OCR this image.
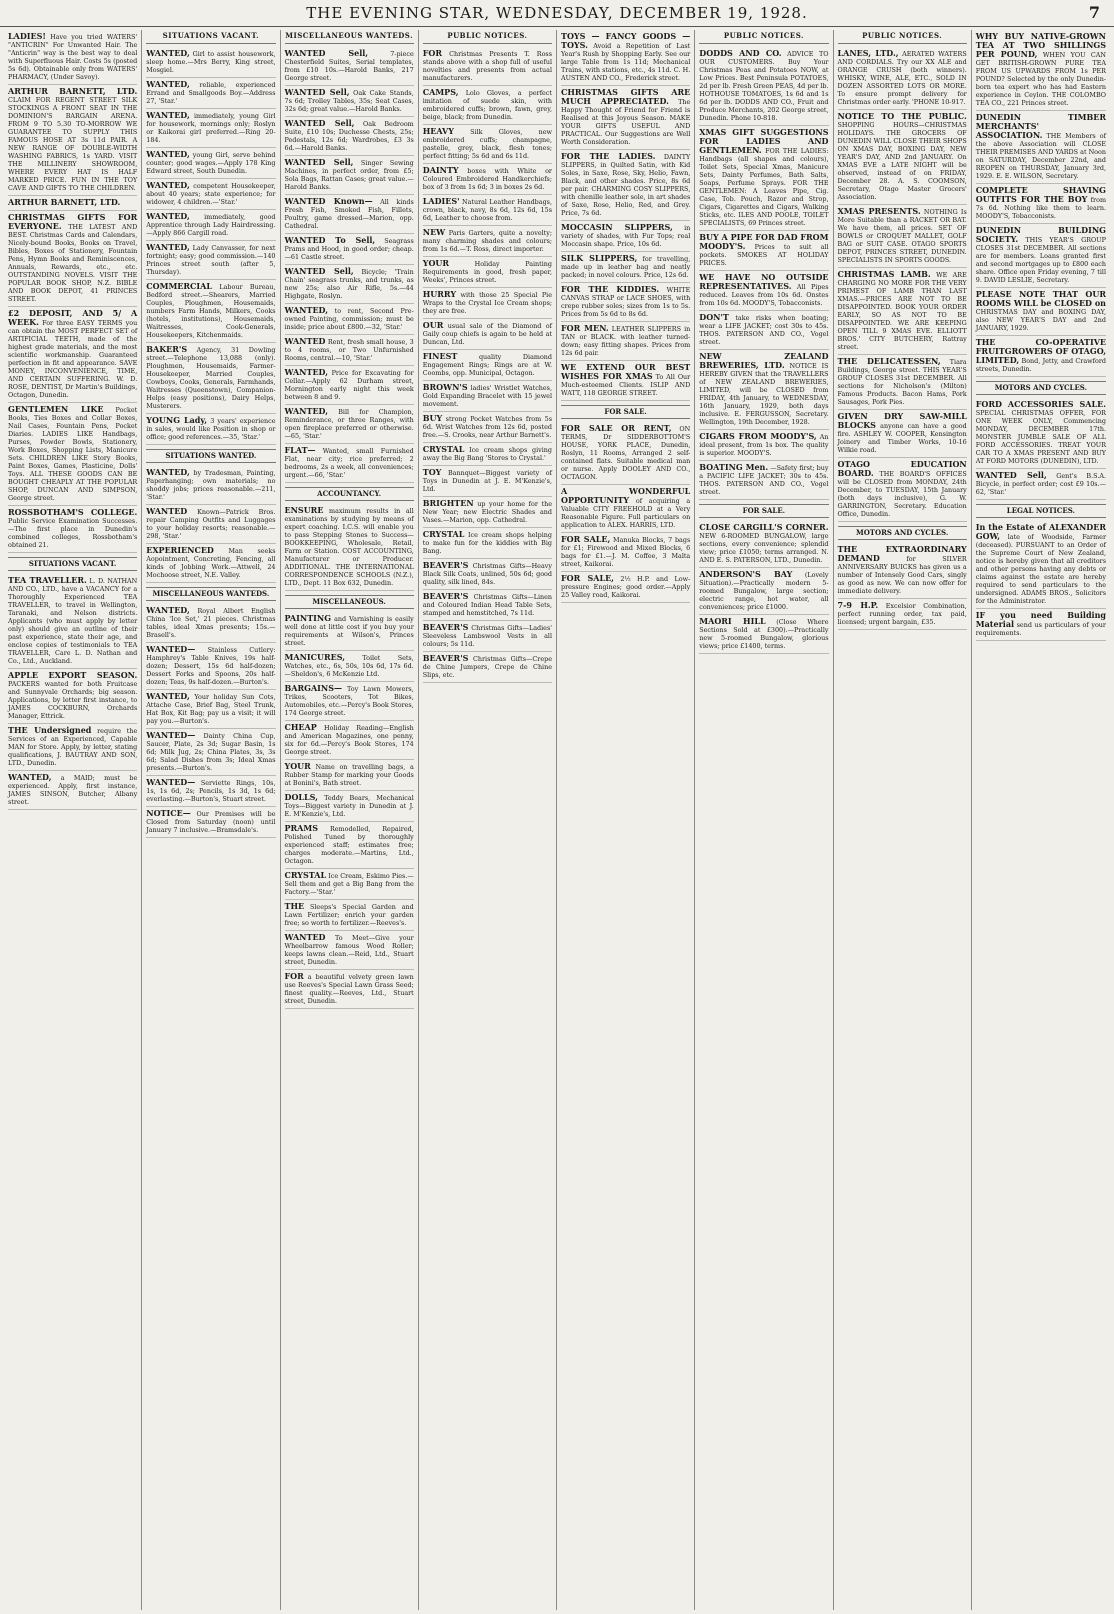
THE EVENING STAR, WEDNESDAY, DECEMBER 19, 1928.	7
LADIES! Have you tried WATERS' "ANTICRIN" For Unwanted Hair. The "Anticrin" way is the best way to deal with Superfluous Hair. Costs 5s (posted 5s 6d). Obtainable only from WATERS' PHARMACY, (Under Savoy).
ARTHUR BARNETT, LTD. CLAIM FOR REGENT STREET SILK STOCKINGS A FRONT SEAT IN THE DOMINION'S BARGAIN ARENA. FROM 9 TO 5.30 TO-MORROW WE GUARANTEE TO SUPPLY THIS FAMOUS HOSE AT 3s 11d PAIR. A NEW RANGE OF DOUBLE-WIDTH WASHING FABRICS, 1s YARD. VISIT THE MILLINERY SHOWROOM, WHERE EVERY HAT IS HALF MARKED PRICE. FUN IN THE TOY CAVE AND GIFTS TO THE CHILDREN.
ARTHUR BARNETT, LTD.
CHRISTMAS GIFTS FOR EVERYONE. THE LATEST AND BEST. Christmas Cards and Calendars, Nicely-bound Books, Books on Travel, Bibles, Boxes of Stationery, Fountain Pens, Hymn Books and Reminiscences, Annuals, Rewards, etc., etc. OUTSTANDING NOVELS. VISIT THE POPULAR BOOK SHOP, N.Z. BIBLE AND BOOK DEPOT, 41 PRINCES STREET.
£2 DEPOSIT, AND 5/ A WEEK. For three EASY TERMS you can obtain the MOST PERFECT SET of ARTIFICIAL TEETH, made of the highest grade materials, and the most scientific workmanship. Guaranteed perfection in fit and appearance. SAVE MONEY, INCONVENIENCE, TIME, AND CERTAIN SUFFERING. W. D. ROSE, DENTIST, Dr Martin's Buildings, Octagon, Dunedin.
GENTLEMEN LIKE Pocket Books, Ties Boxes and Collar Boxes, Nail Cases, Fountain Pens, Pocket Diaries. LADIES LIKE Handbags, Purses, Powder Bowls, Stationery, Work Boxes, Shopping Lists, Manicure Sets. CHILDREN LIKE Story Books, Paint Boxes, Games, Plasticine, Dolls' Toys. ALL THESE GOODS CAN BE BOUGHT CHEAPLY AT THE POPULAR SHOP, DUNCAN AND SIMPSON, George street.
ROSSBOTHAM'S COLLEGE. Public Service Examination Successes.—The first place in Dunedin's combined colleges, Rossbotham's obtained 21.
SITUATIONS VACANT.
TEA TRAVELLER. L. D. NATHAN AND CO., LTD., have a VACANCY for a Thoroughly Experienced TEA TRAVELLER, to travel in Wellington, Taranaki, and Nelson districts. Applicants (who must apply by letter only) should give an outline of their past experience, state their age, and enclose copies of testimonials to TEA TRAVELLER, Care L. D. Nathan and Co., Ltd., Auckland.
APPLE EXPORT SEASON. PACKERS wanted for both Fruitcase and Sunnyvale Orchards; big season. Applications, by letter first instance, to JAMES COCKBURN, Orchards Manager, Ettrick.
THE Undersigned require the Services of an Experienced, Capable MAN for Store. Apply, by letter, stating qualifications, J. BAUTRAY AND SON, LTD., Dunedin.
WANTED, a MAID; must be experienced. Apply, first instance, JAMES SINSON, Butcher, Albany street.
SITUATIONS VACANT.
WANTED, Girl to assist housework, sleep home.—Mrs Berry, King street, Mosgiel.
WANTED, reliable, experienced Errand and Smallgoods Boy.—Address 27, 'Star.'
WANTED, immediately, young Girl for housework, mornings only; Roslyn or Kaikorai girl preferred.—Ring 20-184.
WANTED, young Girl, serve behind counter; good wages.—Apply 178 King Edward street, South Dunedin.
WANTED, competent Housekeeper, about 40 years; state experience; for widower, 4 children.—'Star.'
WANTED, immediately, good Apprentice through Lady Hairdressing.—Apply 866 Cargill road.
WANTED, Lady Canvasser, for next fortnight; easy; good commission.—140 Princes street south (after 5, Thursday).
COMMERCIAL Labour Bureau, Bedford street.—Shearers, Married Couples, Ploughmen, Housemaids, numbers Farm Hands, Milkers, Cooks (hotels, institutions), Housemaids, Waitresses, Cook-Generals, Housekeepers, Kitchenmaids.
BAKER'S Agency, 31 Dowling street.—Telephone 13,088 (only). Ploughmen, Housemaids, Farmer-Housekeeper, Married Couples, Cowboys, Cooks, Generals, Farmhands, Waitresses (Queenstown), Companion-Helps (easy positions), Dairy Helps, Musterers.
YOUNG Lady, 3 years' experience in sales, would like Position in shop or office; good references.—35, 'Star.'
SITUATIONS WANTED.
WANTED, by Tradesman, Painting, Paperhanging; own materials; no shoddy jobs; prices reasonable.—211, 'Star.'
WANTED Known—Patrick Bros. repair Camping Outfits and Luggages to your holiday resorts; reasonable.—298, 'Star.'
EXPERIENCED Man seeks Aopointment, Concreting, Fencing, all kinds of Jobbing Work.—Attwell, 24 Mochoose street, N.E. Valley.
MISCELLANEOUS WANTEDS.
WANTED, Royal Albert English China 'Ice Set,' 21 pieces. Christmas tables, ideal Xmas presents; 15s.—Brasell's.
WANTED— Stainless Cutlery: Hamphrey's Table Knives, 19s half-dozen; Dessert, 15s 6d half-dozen; Dessert Forks and Spoons, 20s half-dozen; Teas, 9s half-dozen.—Burton's.
WANTED, Your holiday Sun Cots, Attache Case, Brief Bag, Steel Trunk, Hat Box, Kit Bag; pay us a visit; it will pay you.—Burton's.
WANTED— Dainty China Cup, Saucer, Plate, 2s 3d; Sugar Basin, 1s 6d; Milk Jug, 2s; China Plates, 3s, 3s 6d; Salad Dishes from 3s; Ideal Xmas presents.—Burton's.
WANTED— Serviette Rings, 10s, 1s, 1s 6d, 2s; Pencils, 1s 3d, 1s 6d; everlasting.—Burton's, Stuart street.
NOTICE— Our Premises will be Closed from Saturday (noon) until January 7 inclusive.—Bramsdale's.
MISCELLANEOUS WANTEDS.
WANTED Sell,	7-piece Chesterfield Suites, Serial templates, from £10 10s.—Harold Banks, 217 George street.
WANTED Sell, Oak Cake Stands, 7s 6d; Trolley Tables, 35s; Seat Cases, 32s 6d; great value.—Harold Banks.
WANTED Sell, Oak Bedroom Suite, £10 10s; Duchesse Chests, 25s; Pedestals, 12s 6d; Wardrobes, £3 3s 6d.—Harold Banks.
WANTED Sell, Singer Sewing Machines, in perfect order, from £5; Sola Bags, Rattan Cases; great value.—Harold Banks.
WANTED Known— All kinds Fresh Fish, Smoked Fish, Fillets, Poultry, game dressed—Marion, opp. Cathedral.
WANTED To Sell, Seagrass Prams and Hood, in good order; cheap.—61 Castle street.
WANTED Sell, Bicycle; 'Train Chain' seagrass trunks, and trunks, as new 25s; also Air Rifle, 5s.—44 Highgate, Roslyn.
WANTED, to rent, Second Pre-owned Painting, commission; must be inside; price about £800.—32, 'Star.'
WANTED Rent, fresh small house, 3 to 4 rooms, or Two Unfurnished Rooms, central.—10, 'Star.'
WANTED, Price for Excavating for Cellar.—Apply 62 Durham street, Mornington early night this week between 8 and 9.
WANTED, Bill for Champion, Reminderance, or three Ranges, with open fireplace preferred or otherwise.—65, 'Star.'
FLAT— Wanted, small Furnished Flat, near city; rice preferred; 2 bedrooms, 2s a week, all conveniences; urgent.—66, 'Star.'
ACCOUNTANCY.
ENSURE maximum results in all examinations by studying by means of expert coaching. I.C.S. will enable you to pass Stepping Stones to Success—BOOKKEEPING, Wholesale, Retail, Farm or Station. COST ACCOUNTING, Manufacturer or Producer. ADDITIONAL. THE INTERNATIONAL CORRESPONDENCE SCHOOLS (N.Z.), LTD., Dept. 11 Box 632, Dunedin.
MISCELLANEOUS.
PAINTING and Varnishing is easily well done at little cost if you buy your requirements at Wilson's, Princes street.
MANICURES,	Toilet Sets, Watches, etc., 6s, 50s, 10s 6d, 17s 6d.—Sheldon's, 6 McKenzie Ltd.
BARGAINS— Toy Lawn Mowers, Trikes, Scooters, Tot Bikes, Automobiles, etc.—Percy's Book Stores, 174 George street.
CHEAP Holiday Reading—English and American Magazines, one penny, six for 6d.—Percy's Book Stores, 174 George street.
YOUR Name on travelling bags, a Rubber Stamp for marking your Goods at Bonini's, Bath street.
DOLLS, Teddy Bears, Mechanical Toys—Biggest variety in Dunedin at J. E. M'Kenzie's, Ltd.
PRAMS Remodelled, Repaired, Polished Tuned by thoroughly experienced staff; estimates free; charges moderate.—Martins, Ltd., Octagon.
CRYSTAL Ice Cream, Eskimo Pies.—Sell them and get a Big Bang from the Factory.—'Star.'
THE Sleeps's Special Garden and Lawn Fertilizer; enrich your garden free; so worth to fertilizer.—Reeves's.
WANTED To Meet—Give your Wheelbarrow famous Wood Roller; keeps lawns clean.—Reid, Ltd., Stuart street, Dunedin.
FOR a beautiful velvety green lawn use Reeves's Special Lawn Grass Seed; finest quality.—Reeves, Ltd., Stuart street, Dunedin.
PUBLIC NOTICES.
FOR Christmas Presents T. Ross stands above with a shop full of useful novelties and presents from actual manufacturers.
CAMPS, Lolo Gloves, a perfect imitation of suede skin, with embroidered cuffs; brown, fawn, grey, beige, black; from Dunedin.
HEAVY	Silk Gloves, new embroidered cuffs; champagne, pastelle, grey, black, flesh tones; perfect fitting; 5s 6d and 6s 11d.
DAINTY boxes with White or Coloured Embroidered Handkerchiefs; box of 3 from 1s 6d; 3 in boxes 2s 6d.
LADIES' Natural Leather Handbags, crown, black, navy, 8s 6d, 12s 6d, 15s 6d, Leather to choose from.
NEW Paris Garters, quite a novelty; many charming shades and colours; from 1s 6d.—T. Ross, direct importer.
YOUR	Holiday Painting Requirements in good, fresh paper, Weeks', Princes street.
HURRY with those 25 Special Pie Wraps to the Crystal Ice Cream shops; they are free.
OUR usual sale of the Diamond of Gaily coup chiefs is again to be held at Duncan, Ltd.
FINEST	quality Diamond Engagement Rings; Rings are at W. Coombs, opp. Municipal, Octagon.
BROWN'S ladies' Wristlet Watches, Gold Expanding Bracelet with 15 jewel movement.
BUY strong Pocket Watches from 5s 6d. Wrist Watches from 12s 6d, posted free.—S. Crooks, near Arthur Barnett's.
CRYSTAL Ice cream shops giving away the Big Bang 'Stores to Crystal.'
TOY Bannquet—Biggest variety of Toys in Dunedin at J. E. M'Kenzie's, Ltd.
BRIGHTEN up your home for the New Year; new Electric Shades and Vases.—Marion, opp. Cathedral.
CRYSTAL Ice cream shops helping to make fun for the kiddies with Big Bang.
BEAVER'S Christmas Gifts—Heavy Black Silk Coats, unlined, 50s 6d; good quality, silk lined, 84s.
BEAVER'S Christmas Gifts—Linen and Coloured Indian Head Table Sets, stamped and hemstitched, 7s 11d.
BEAVER'S Christmas Gifts—Ladies' Sleeveless Lambswool Vests in all colours; 5s 11d.
BEAVER'S Christmas Gifts—Crepe de Chine Jumpers, Crepe de Chine Slips, etc.
TOYS — FANCY GOODS — TOYS. Avoid a Repetition of Last Year's Rush by Shopping Early. See our large Table from 1s 11d; Mechanical Trains, with stations, etc., 4s 11d. C. H. AUSTEN AND CO., Frederick street.
CHRISTMAS GIFTS ARE MUCH APPRECIATED. The Happy Thought of Friend for Friend is Realised at this Joyous Season. MAKE YOUR GIFTS USEFUL AND PRACTICAL. Our Suggestions are Well Worth Consideration.
FOR THE LADIES. DAINTY SLIPPERS, in Quilted Satin, with Kid Soles, in Saxe, Rose, Sky, Helio, Fawn, Black, and other shades. Price, 8s 6d per pair. CHARMING COSY SLIPPERS, with chenille leather sole, in art shades of Saxe, Rose, Helio, Red, and Grey. Price, 7s 6d.
MOCCASIN SLIPPERS, in variety of shades, with Fur Tops; real Moccasin shape. Price, 10s 6d.
SILK SLIPPERS, for travelling, made up in leather bag and neatly packed; in novel colours. Price, 12s 6d.
FOR THE KIDDIES. WHITE CANVAS STRAP or LACE SHOES, with crepe rubber soles; sizes from 1s to 5s. Prices from 5s 6d to 8s 6d.
FOR MEN. LEATHER SLIPPERS in TAN or BLACK. with leather turned-down; easy fitting shapes. Prices from 12s 6d pair.
WE EXTEND OUR BEST WISHES FOR XMAS To All Our Much-esteemed Clients. ISLIP AND WATT, 118 GEORGE STREET.
FOR SALE.
FOR SALE OR RENT, ON TERMS, Dr SIDDERBOTTOM'S HOUSE, YORK PLACE, Dunedin, Roslyn, 11 Rooms, Arranged 2 self-contained flats. Suitable medical man or nurse. Apply DOOLEY AND CO., OCTAGON.
A WONDERFUL OPPORTUNITY of acquiring a Valuable CITY FREEHOLD at a Very Reasonable Figure. Full particulars on application to ALEX. HARRIS, LTD.
FOR SALE, Manuka Blocks, 7 bags for £1; Firewood and Mixed Blocks, 6 bags for £1.—J. M. Coffee, 3 Malta street, Kaikorai.
FOR SALE, 2½ H.P. and Low-pressure Engines; good order.—Apply 25 Valley road, Kaikorai.
PUBLIC NOTICES.
DODDS AND CO. ADVICE TO OUR CUSTOMERS. Buy Your Christmas Peas and Potatoes NOW, at Low Prices. Best Peninsula POTATOES, 2d per lb. Fresh Green PEAS, 4d per lb. HOTHOUSE TOMATOES, 1s 6d and 1s 6d per lb. DODDS AND CO., Fruit and Produce Merchants, 202 George street, Dunedin. Phone 10-818.
XMAS GIFT SUGGESTIONS FOR LADIES AND GENTLEMEN. FOR THE LADIES: Handbags (all shapes and colours), Toilet Sets, Special Xmas, Manicure Sets, Dainty Perfumes, Bath Salts, Soaps, Perfume Sprays. FOR THE GENTLEMEN: A Leaves Pipe, Cig. Case, Tob. Pouch, Razor and Strop, Cigars, Cigarettes and Cigars, Walking Sticks, etc. ILES AND POOLE, TOILET SPECIALISTS, 69 Princes street.
BUY A PIPE FOR DAD FROM MOODY'S. Prices to suit all pockets. SMOKES AT HOLIDAY PRICES.
WE HAVE NO OUTSIDE REPRESENTATIVES. All Pipes reduced. Leaves from 10s 6d. Onstes from 10s 6d. MOODY'S, Tobacconists.
DON'T take risks when boating; wear a LIFE JACKET; cost 30s to 45s. THOS. PATERSON AND CO., Vogel street.
NEW ZEALAND BREWERIES, LTD. NOTICE IS HEREBY GIVEN that the TRAVELLERS of NEW ZEALAND BREWERIES, LIMITED, will be CLOSED from FRIDAY, 4th January, to WEDNESDAY, 16th January, 1929, both days inclusive. E. FERGUSSON, Secretary. Wellington, 19th December, 1928.
CIGARS FROM MOODY'S, An ideal present, from 1s box. The quality is superior. MOODY'S.
BOATING Men. —Safety first; buy a PACIFIC LIFE JACKET; 30s to 45s. THOS. PATERSON AND CO., Vogel street.
FOR SALE.
CLOSE CARGILL'S CORNER. NEW 6-ROOMED BUNGALOW, large sections, every convenience; splendid view; price £1050; terms arranged. N. AND E. S. PATERSON, LTD., Dunedin.
ANDERSON'S BAY (Lovely Situation).—Practically modern 5-roomed Bungalow, large section; electric range, hot water, all conveniences; price £1000.
MAORI HILL (Close Where Sections Sold at £300).—Practically new 5-roomed Bungalow, glorious views; price £1400, terms.
PUBLIC NOTICES.
LANES, LTD., AERATED WATERS AND CORDIALS. Try our XX ALE and ORANGE CRUSH (both winners). WHISKY, WINE, ALE, ETC., SOLD IN DOZEN ASSORTED LOTS OR MORE. To ensure prompt delivery for Christmas order early. 'PHONE 10-917.
NOTICE TO THE PUBLIC. SHOPPING HOURS—CHRISTMAS HOLIDAYS. THE GROCERS OF DUNEDIN WILL CLOSE THEIR SHOPS ON XMAS DAY, BOXING DAY, NEW YEAR'S DAY, AND 2nd JANUARY. On XMAS EVE a LATE NIGHT will be observed, instead of on FRIDAY, December 28. A. S. COOMSON, Secretary, Otago Master Grocers' Association.
XMAS PRESENTS. NOTHING Is More Suitable than a RACKET OR BAT. We have them, all prices. SET OF BOWLS or CROQUET MALLET, GOLF BAG or SUIT CASE. OTAGO SPORTS DEPOT, PRINCES STREET, DUNEDIN. SPECIALISTS IN SPORTS GOODS.
CHRISTMAS LAMB. WE ARE CHARGING NO MORE FOR THE VERY PRIMEST OF LAMB THAN LAST XMAS.—PRICES ARE NOT TO BE DISAPPOINTED. BOOK YOUR ORDER EARLY, SO AS NOT TO BE DISAPPOINTED. WE ARE KEEPING OPEN TILL 9 XMAS EVE. ELLIOTT BROS.' CITY BUTCHERY, Rattray street.
THE DELICATESSEN, Tiara Buildings, George street. THIS YEAR'S GROUP CLOSES 31st DECEMBER. All sections for Nicholson's (Milton) Famous Products. Bacon Hams, Pork Sausages, Pork Pies.
GIVEN DRY SAW-MILL BLOCKS anyone can have a good fire. ASHLEY W. COOPER, Kensington Joinery and Timber Works, 10-16 Wilkie road.
OTAGO EDUCATION BOARD. THE BOARD'S OFFICES will be CLOSED from MONDAY, 24th December, to TUESDAY, 15th January (both days inclusive), G. W. GARRINGTON, Secretary. Education Office, Dunedin.
MOTORS AND CYCLES.
THE EXTRAORDINARY DEMAND	for SILVER ANNIVERSARY BUICKS has given us a number of Intensely Good Cars, singly as good as new. We can now offer for immediate delivery.
7-9 H.P. Excelsior Combination, perfect running order, tax paid, licensed; urgent bargain, £35.
WHY BUY NATIVE-GROWN TEA AT TWO SHILLINGS PER POUND, WHEN YOU CAN GET BRITISH-GROWN PURE TEA FROM US UPWARDS FROM 1s PER POUND? Selected by the only Dunedin-born tea expert who has had Eastern experience in Ceylon. THE COLOMBO TEA CO., 221 Princes street.
DUNEDIN TIMBER MERCHANTS' ASSOCIATION. THE Members of the above Association will CLOSE THEIR PREMISES AND YARDS at Noon on SATURDAY, December 22nd, and REOPEN on THURSDAY, January 3rd, 1929. E. E. WILSON, Secretary.
COMPLETE SHAVING OUTFITS FOR THE BOY from 7s 6d. Nothing like them to learn. MOODY'S, Tobacconists.
DUNEDIN BUILDING SOCIETY. THIS YEAR'S GROUP CLOSES 31st DECEMBER. All sections are for members. Loans granted first and second mortgages up to £800 each share. Office open Friday evening, 7 till 9. DAVID LESLIE, Secretary.
PLEASE NOTE THAT OUR ROOMS WILL be CLOSED on CHRISTMAS DAY and BOXING DAY, also NEW YEAR'S DAY and 2nd JANUARY, 1929.
THE CO-OPERATIVE FRUITGROWERS OF OTAGO, LIMITED, Bond, Jetty, and Crawford streets, Dunedin.
MOTORS AND CYCLES.
FORD ACCESSORIES SALE. SPECIAL CHRISTMAS OFFER, FOR ONE WEEK ONLY, Commencing MONDAY, DECEMBER 17th. MONSTER JUMBLE SALE OF ALL FORD ACCESSORIES. TREAT YOUR CAR TO A XMAS PRESENT AND BUY AT FORD MOTORS (DUNEDIN), LTD.
WANTED Sell, Gent's B.S.A. Bicycle, in perfect order; cost £9 10s.—62, 'Star.'
LEGAL NOTICES.
In the Estate of ALEXANDER GOW, late of Woodside, Farmer (deceased). PURSUANT to an Order of the Supreme Court of New Zealand, notice is hereby given that all creditors and other persons having any debts or claims against the estate are hereby required to send particulars to the undersigned. ADAMS BROS., Solicitors for the Administrator.
IF you need Building Material send us particulars of your requirements.
